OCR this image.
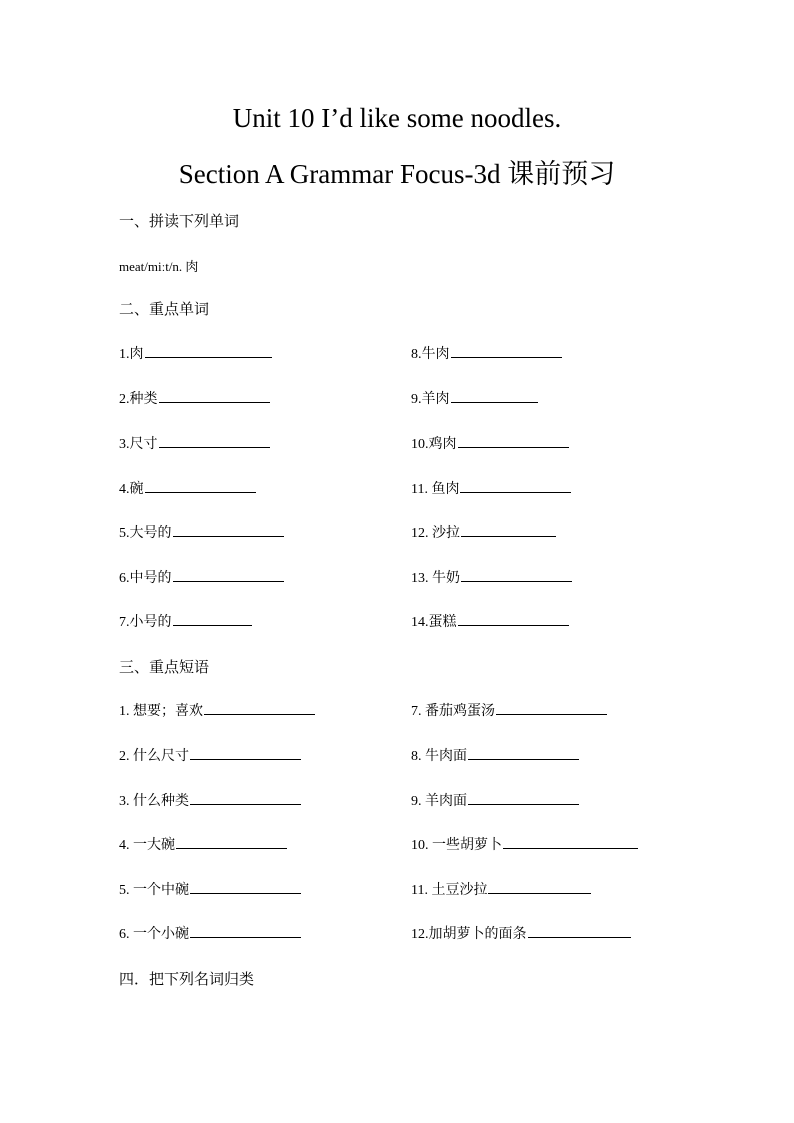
Unit 10 I’d like some noodles.
Section A Grammar Focus-3d 课前预习
一、拼读下列单词
meat/miːt/n. 肉
二、重点单词
1.肉
2.种类
3.尺寸
4.碗
5.大号的
6.中号的
7.小号的
8.牛肉
9.羊肉
10.鸡肉
11. 鱼肉
12. 沙拉
13. 牛奶
14.蛋糕
三、重点短语
1. 想要；喜欢
2. 什么尺寸
3. 什么种类
4. 一大碗
5. 一个中碗
6. 一个小碗
7. 番茄鸡蛋汤
8. 牛肉面
9. 羊肉面
10. 一些胡萝卜
11. 土豆沙拉
12.加胡萝卜的面条
四．把下列名词归类
